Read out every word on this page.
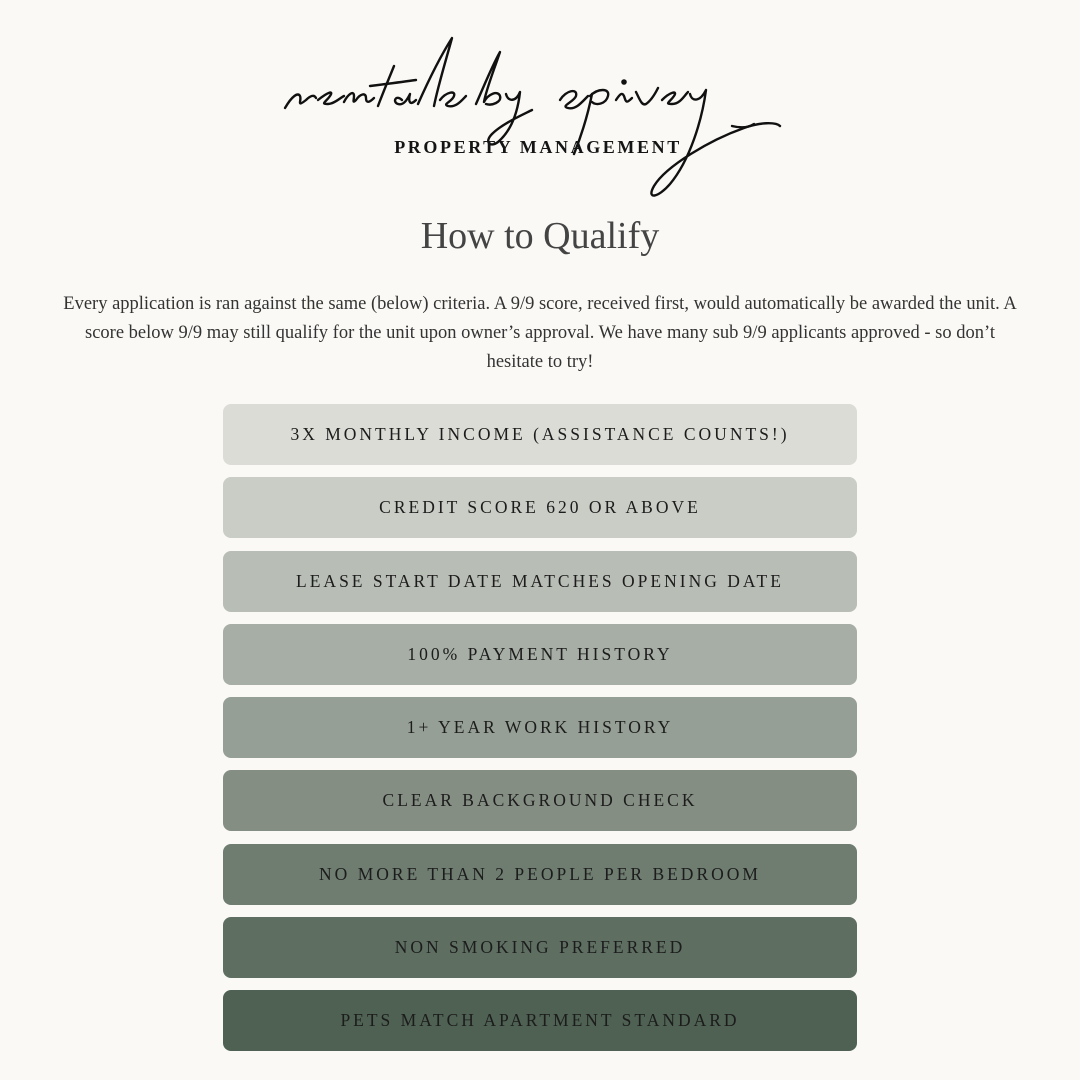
PROPERTY MANAGEMENT
How to Qualify
Every application is ran against the same (below) criteria. A 9/9 score, received first, would automatically be awarded the unit. A score below 9/9 may still qualify for the unit upon owner’s approval. We have many sub 9/9 applicants approved - so don’t hesitate to try!
3X MONTHLY INCOME (ASSISTANCE COUNTS!)
CREDIT SCORE 620 OR ABOVE
LEASE START DATE MATCHES OPENING DATE
100% PAYMENT HISTORY
1+ YEAR WORK HISTORY
CLEAR BACKGROUND CHECK
NO MORE THAN 2 PEOPLE PER BEDROOM
NON SMOKING PREFERRED
PETS MATCH APARTMENT STANDARD
